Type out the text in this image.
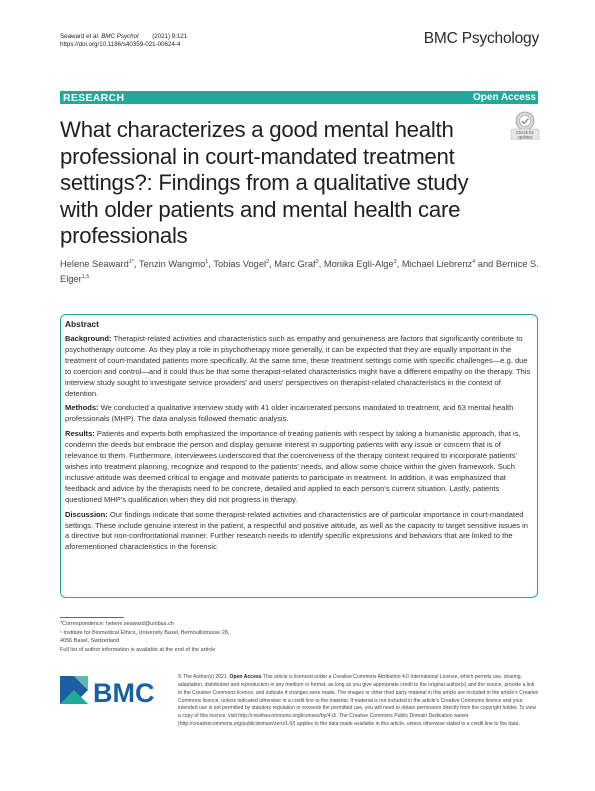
Seaward et al. BMC Psychol (2021) 9:121
https://doi.org/10.1186/s40359-021-00624-4	BMC Psychology
RESEARCH	Open Access
What characterizes a good mental health professional in court-mandated treatment settings?: Findings from a qualitative study with older patients and mental health care professionals
Check for
updates
Helene Seaward$^{1*}$, Tenzin Wangmo$^1$, Tobias Vogel$^2$, Marc Graf$^2$, Monika Egli‑Alge$^3$, Michael Liebrenz$^4$ and Bernice S. Elger$^{1,5}$
Abstract

Background: Therapist-related activities and characteristics such as empathy and genuineness are factors that significantly contribute to psychotherapy outcome. As they play a role in psychotherapy more generally, it can be expected that they are equally important in the treatment of court-mandated patients more specifically. At the same time, these treatment settings come with specific challenges—e.g. due to coercion and control—and it could thus be that some therapist-related characteristics might have a different empathy on the therapy. This interview study sought to investigate service providers' and users' perspectives on therapist-related characteristics in the context of detention.

Methods: We conducted a qualitative interview study with 41 older incarcerated persons mandated to treatment, and 63 mental health professionals (MHP). The data analysis followed thematic analysis.

Results: Patients and experts both emphasized the importance of treating patients with respect by taking a humanistic approach, that is, condemn the deeds but embrace the person and display genuine interest in supporting patients with any issue or concern that is of relevance to them. Furthermore, interviewees underscored that the coerciveness of the therapy context required to incorporate patients' wishes into treatment planning, recognize and respond to the patients' needs, and allow some choice within the given framework. Such inclusive attitude was deemed critical to engage and motivate patients to participate in treatment. In addition, it was emphasized that feedback and advice by the therapists need to be concrete, detailed and applied to each person's current situation. Lastly, patients questioned MHP's qualification when they did not progress in therapy.

Discussion: Our findings indicate that some therapist-related activities and characteristics are of particular importance in court-mandated settings. These include genuine interest in the patient, a respectful and positive attitude, as well as the capacity to target sensitive issues in a directive but non-confrontational manner. Further research needs to identify specific expressions and behaviors that are linked to the aforementioned characteristics in the forensic

*Correspondence: helene.seaward@unibas.ch
¹ Institute for Biomedical Ethics, University Basel, Bernoullistrasse 28,
4056 Basel, Switzerland
Full list of author information is available at the end of the article
BMC
© The Author(s) 2021. Open Access This article is licensed under a Creative Commons Attribution 4.0 International License, which permits use, sharing, adaptation, distribution and reproduction in any medium or format, as long as you give appropriate credit to the original author(s) and the source, provide a link to the Creative Commons licence, and indicate if changes were made. The images or other third party material in this article are included in the article's Creative Commons licence, unless indicated otherwise in a credit line to the material. If material is not included in the article's Creative Commons licence and your intended use is not permitted by statutory regulation or exceeds the permitted use, you will need to obtain permission directly from the copyright holder. To view a copy of this licence, visit http://creativecommons.org/licenses/by/4.0/. The Creative Commons Public Domain Dedication waiver (http://creativecommons.org/publicdomain/zero/1.0/) applies to the data made available in this article, unless otherwise stated in a credit line to the data.
